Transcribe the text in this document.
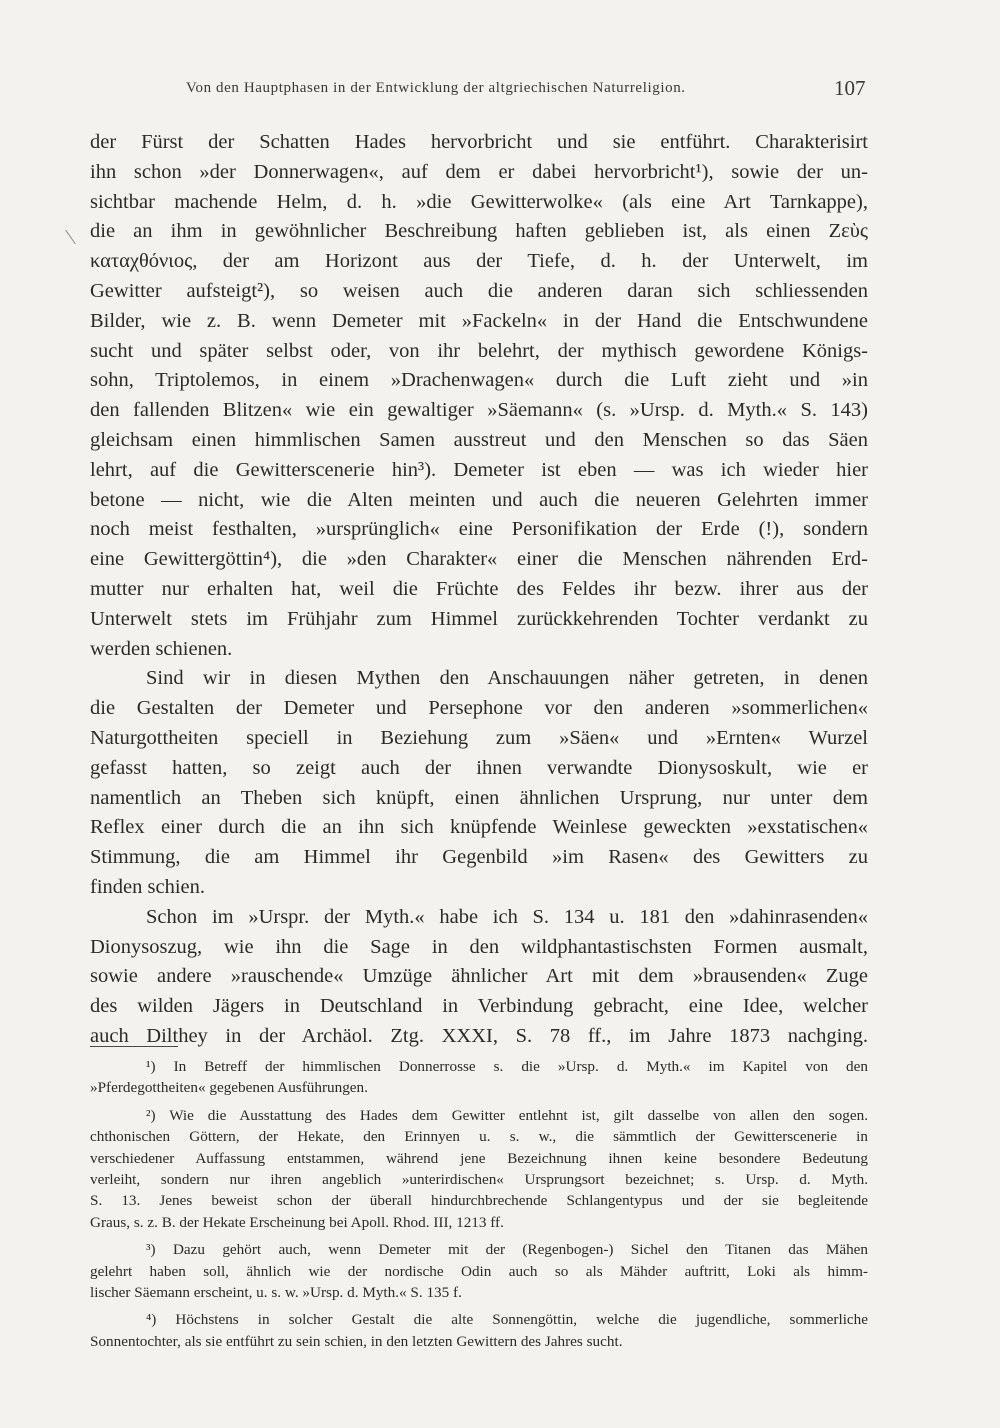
Von den Hauptphasen in der Entwicklung der altgriechischen Naturreligion.	107
der Fürst der Schatten Hades hervorbricht und sie entführt. Charakterisirt
ihn schon »der Donnerwagen«, auf dem er dabei hervorbricht¹), sowie der un-
sichtbar machende Helm, d. h. »die Gewitterwolke« (als eine Art Tarnkappe),
die an ihm in gewöhnlicher Beschreibung haften geblieben ist, als einen Ζεὺς
καταχθόνιος, der am Horizont aus der Tiefe, d. h. der Unterwelt, im
Gewitter aufsteigt²), so weisen auch die anderen daran sich schliessenden
Bilder, wie z. B. wenn Demeter mit »Fackeln« in der Hand die Entschwundene
sucht und später selbst oder, von ihr belehrt, der mythisch gewordene Königs-
sohn, Triptolemos, in einem »Drachenwagen« durch die Luft zieht und »in
den fallenden Blitzen« wie ein gewaltiger »Säemann« (s. »Ursp. d. Myth.« S. 143)
gleichsam einen himmlischen Samen ausstreut und den Menschen so das Säen
lehrt, auf die Gewitterscenerie hin³). Demeter ist eben — was ich wieder hier
betone — nicht, wie die Alten meinten und auch die neueren Gelehrten immer
noch meist festhalten, »ursprünglich« eine Personifikation der Erde (!), sondern
eine Gewittergöttin⁴), die »den Charakter« einer die Menschen nährenden Erd-
mutter nur erhalten hat, weil die Früchte des Feldes ihr bezw. ihrer aus der
Unterwelt stets im Frühjahr zum Himmel zurückkehrenden Tochter verdankt zu
werden schienen.
Sind wir in diesen Mythen den Anschauungen näher getreten, in denen
die Gestalten der Demeter und Persephone vor den anderen »sommerlichen«
Naturgottheiten speciell in Beziehung zum »Säen« und »Ernten« Wurzel
gefasst hatten, so zeigt auch der ihnen verwandte Dionysoskult, wie er
namentlich an Theben sich knüpft, einen ähnlichen Ursprung, nur unter dem
Reflex einer durch die an ihn sich knüpfende Weinlese geweckten »exstatischen«
Stimmung, die am Himmel ihr Gegenbild »im Rasen« des Gewitters zu
finden schien.
Schon im »Urspr. der Myth.« habe ich S. 134 u. 181 den »dahinrasenden«
Dionysoszug, wie ihn die Sage in den wildphantastischsten Formen ausmalt,
sowie andere »rauschende« Umzüge ähnlicher Art mit dem »brausenden« Zuge
des wilden Jägers in Deutschland in Verbindung gebracht, eine Idee, welcher
auch Dilthey in der Archäol. Ztg. XXXI, S. 78 ff., im Jahre 1873 nachging.
¹) In Betreff der himmlischen Donnerrosse s. die »Ursp. d. Myth.« im Kapitel von den
»Pferdegottheiten« gegebenen Ausführungen.
²) Wie die Ausstattung des Hades dem Gewitter entlehnt ist, gilt dasselbe von allen den sogen.
chthonischen Göttern, der Hekate, den Erinnyen u. s. w., die sämmtlich der Gewitterscenerie in
verschiedener Auffassung entstammen, während jene Bezeichnung ihnen keine besondere Bedeutung
verleiht, sondern nur ihren angeblich »unterirdischen« Ursprungsort bezeichnet; s. Ursp. d. Myth.
S. 13. Jenes beweist schon der überall hindurchbrechende Schlangentypus und der sie begleitende
Graus, s. z. B. der Hekate Erscheinung bei Apoll. Rhod. III, 1213 ff.
³) Dazu gehört auch, wenn Demeter mit der (Regenbogen-) Sichel den Titanen das Mähen
gelehrt haben soll, ähnlich wie der nordische Odin auch so als Mähder auftritt, Loki als himm-
lischer Säemann erscheint, u. s. w. »Ursp. d. Myth.« S. 135 f.
⁴) Höchstens in solcher Gestalt die alte Sonnengöttin, welche die jugendliche, sommerliche
Sonnentochter, als sie entführt zu sein schien, in den letzten Gewittern des Jahres sucht.
